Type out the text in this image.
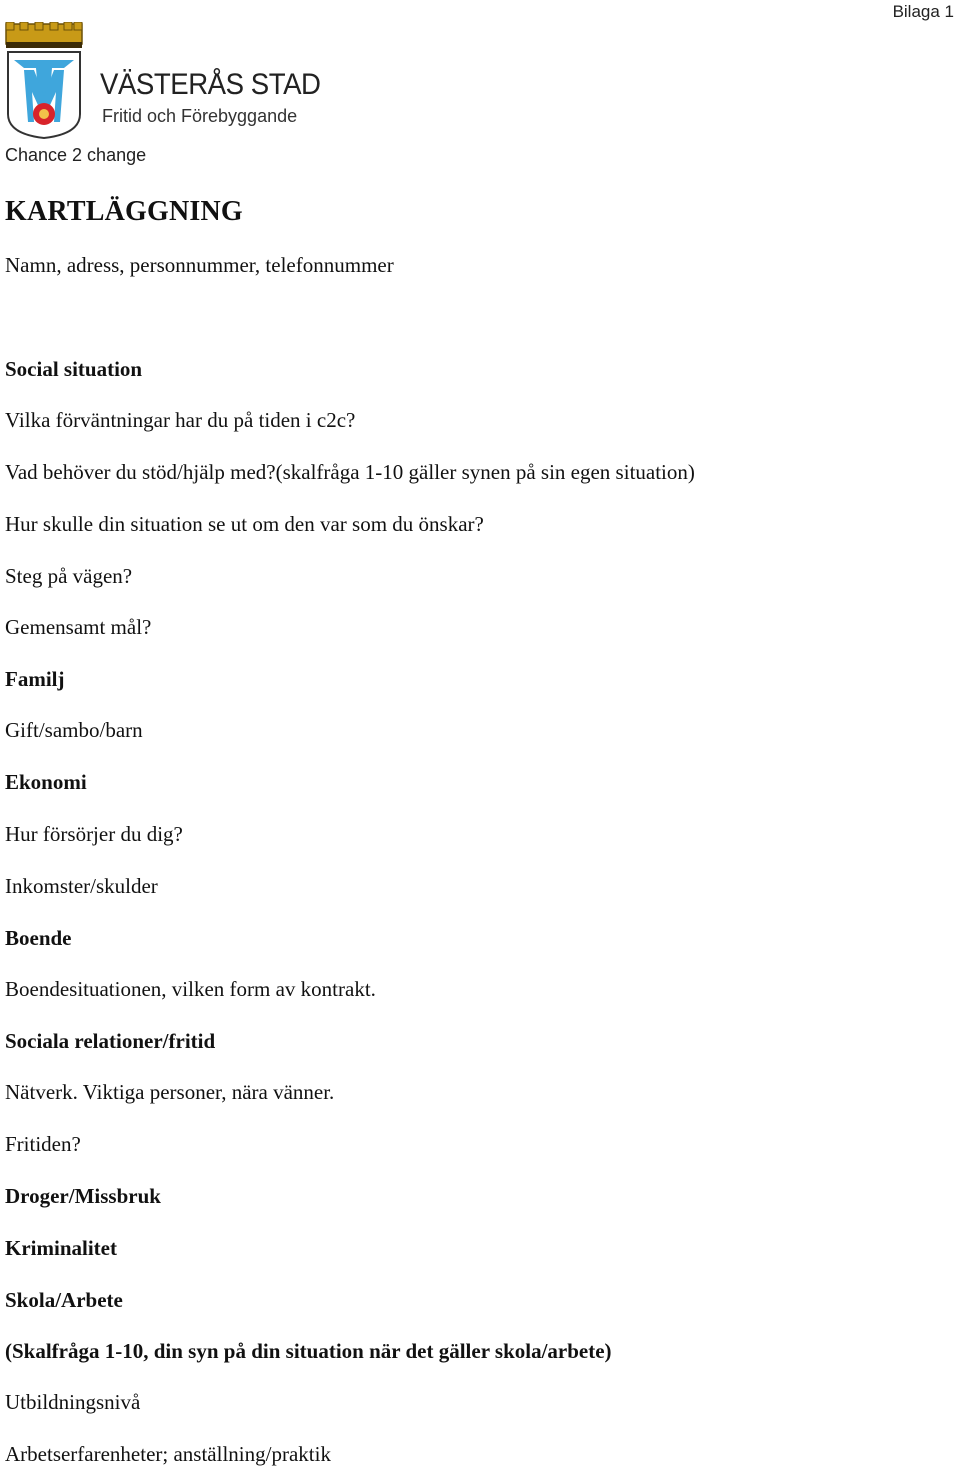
Bilaga 1
VÄSTERÅS STAD
Fritid och Förebyggande
Chance 2 change
KARTLÄGGNING
Namn, adress, personnummer, telefonnummer
Social situation
Vilka förväntningar har du på tiden i c2c?
Vad behöver du stöd/hjälp med?(skalfråga 1-10 gäller synen på sin egen situation)
Hur skulle din situation se ut om den var som du önskar?
Steg på vägen?
Gemensamt mål?
Familj
Gift/sambo/barn
Ekonomi
Hur försörjer du dig?
Inkomster/skulder
Boende
Boendesituationen, vilken form av kontrakt.
Sociala relationer/fritid
Nätverk. Viktiga personer, nära vänner.
Fritiden?
Droger/Missbruk
Kriminalitet
Skola/Arbete
(Skalfråga 1-10, din syn på din situation när det gäller skola/arbete)
Utbildningsnivå
Arbetserfarenheter; anställning/praktik
